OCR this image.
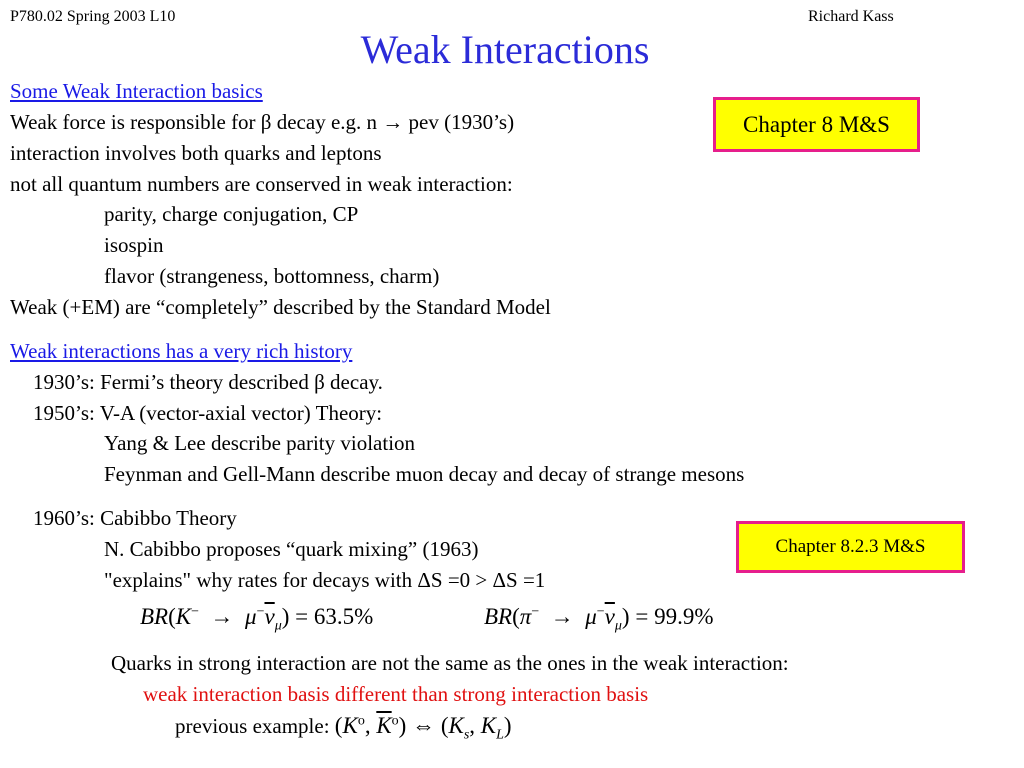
P780.02 Spring 2003 L10	Richard Kass
Weak Interactions
Some Weak Interaction basics
Weak force is responsible for β decay e.g. n → pev (1930’s)
interaction involves both quarks and leptons
not all quantum numbers are conserved in weak interaction:
parity, charge conjugation, CP
isospin
flavor (strangeness, bottomness, charm)
Weak (+EM) are “completely” described by the Standard Model
Chapter 8 M&S
Weak interactions has a very rich history
1930’s: Fermi’s theory described β decay.
1950’s: V-A (vector-axial vector) Theory:
Yang & Lee describe parity violation
Feynman and Gell-Mann describe muon decay and decay of strange mesons
1960’s: Cabibbo Theory
N. Cabibbo proposes “quark mixing” (1963)
"explains" why rates for decays with ΔS =0 > ΔS =1
Chapter 8.2.3 M&S
$BR(K^- \to \mu^-\overline{\nu}_\mu) = 63.5\%$	$BR(\pi^- \to \mu^-\overline{\nu}_\mu) = 99.9\%$
Quarks in strong interaction are not the same as the ones in the weak interaction:
weak interaction basis different than strong interaction basis
previous example: ($K^o$, $\overline{K}^o$) ⇔ ($K_s$, $K_L$)
